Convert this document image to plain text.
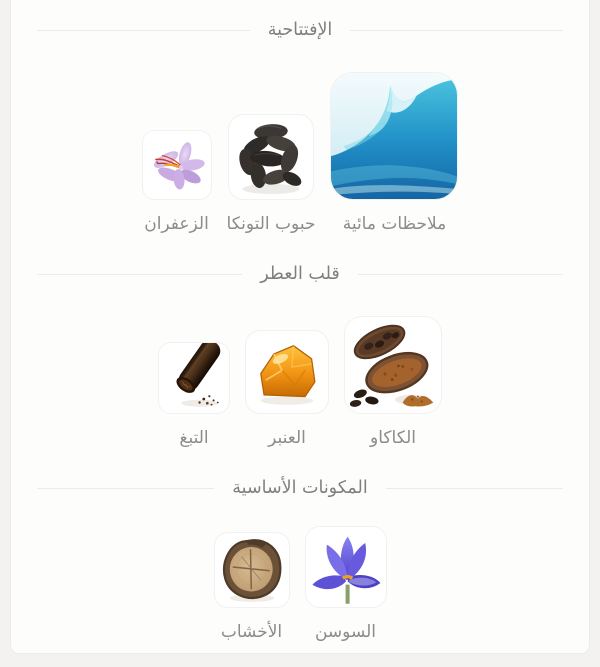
الإفتتاحية
ملاحظات مائية
حبوب التونكا
الزعفران
قلب العطر
الكاكاو
العنبر
التبغ
المكونات الأساسية
السوسن
الأخشاب
